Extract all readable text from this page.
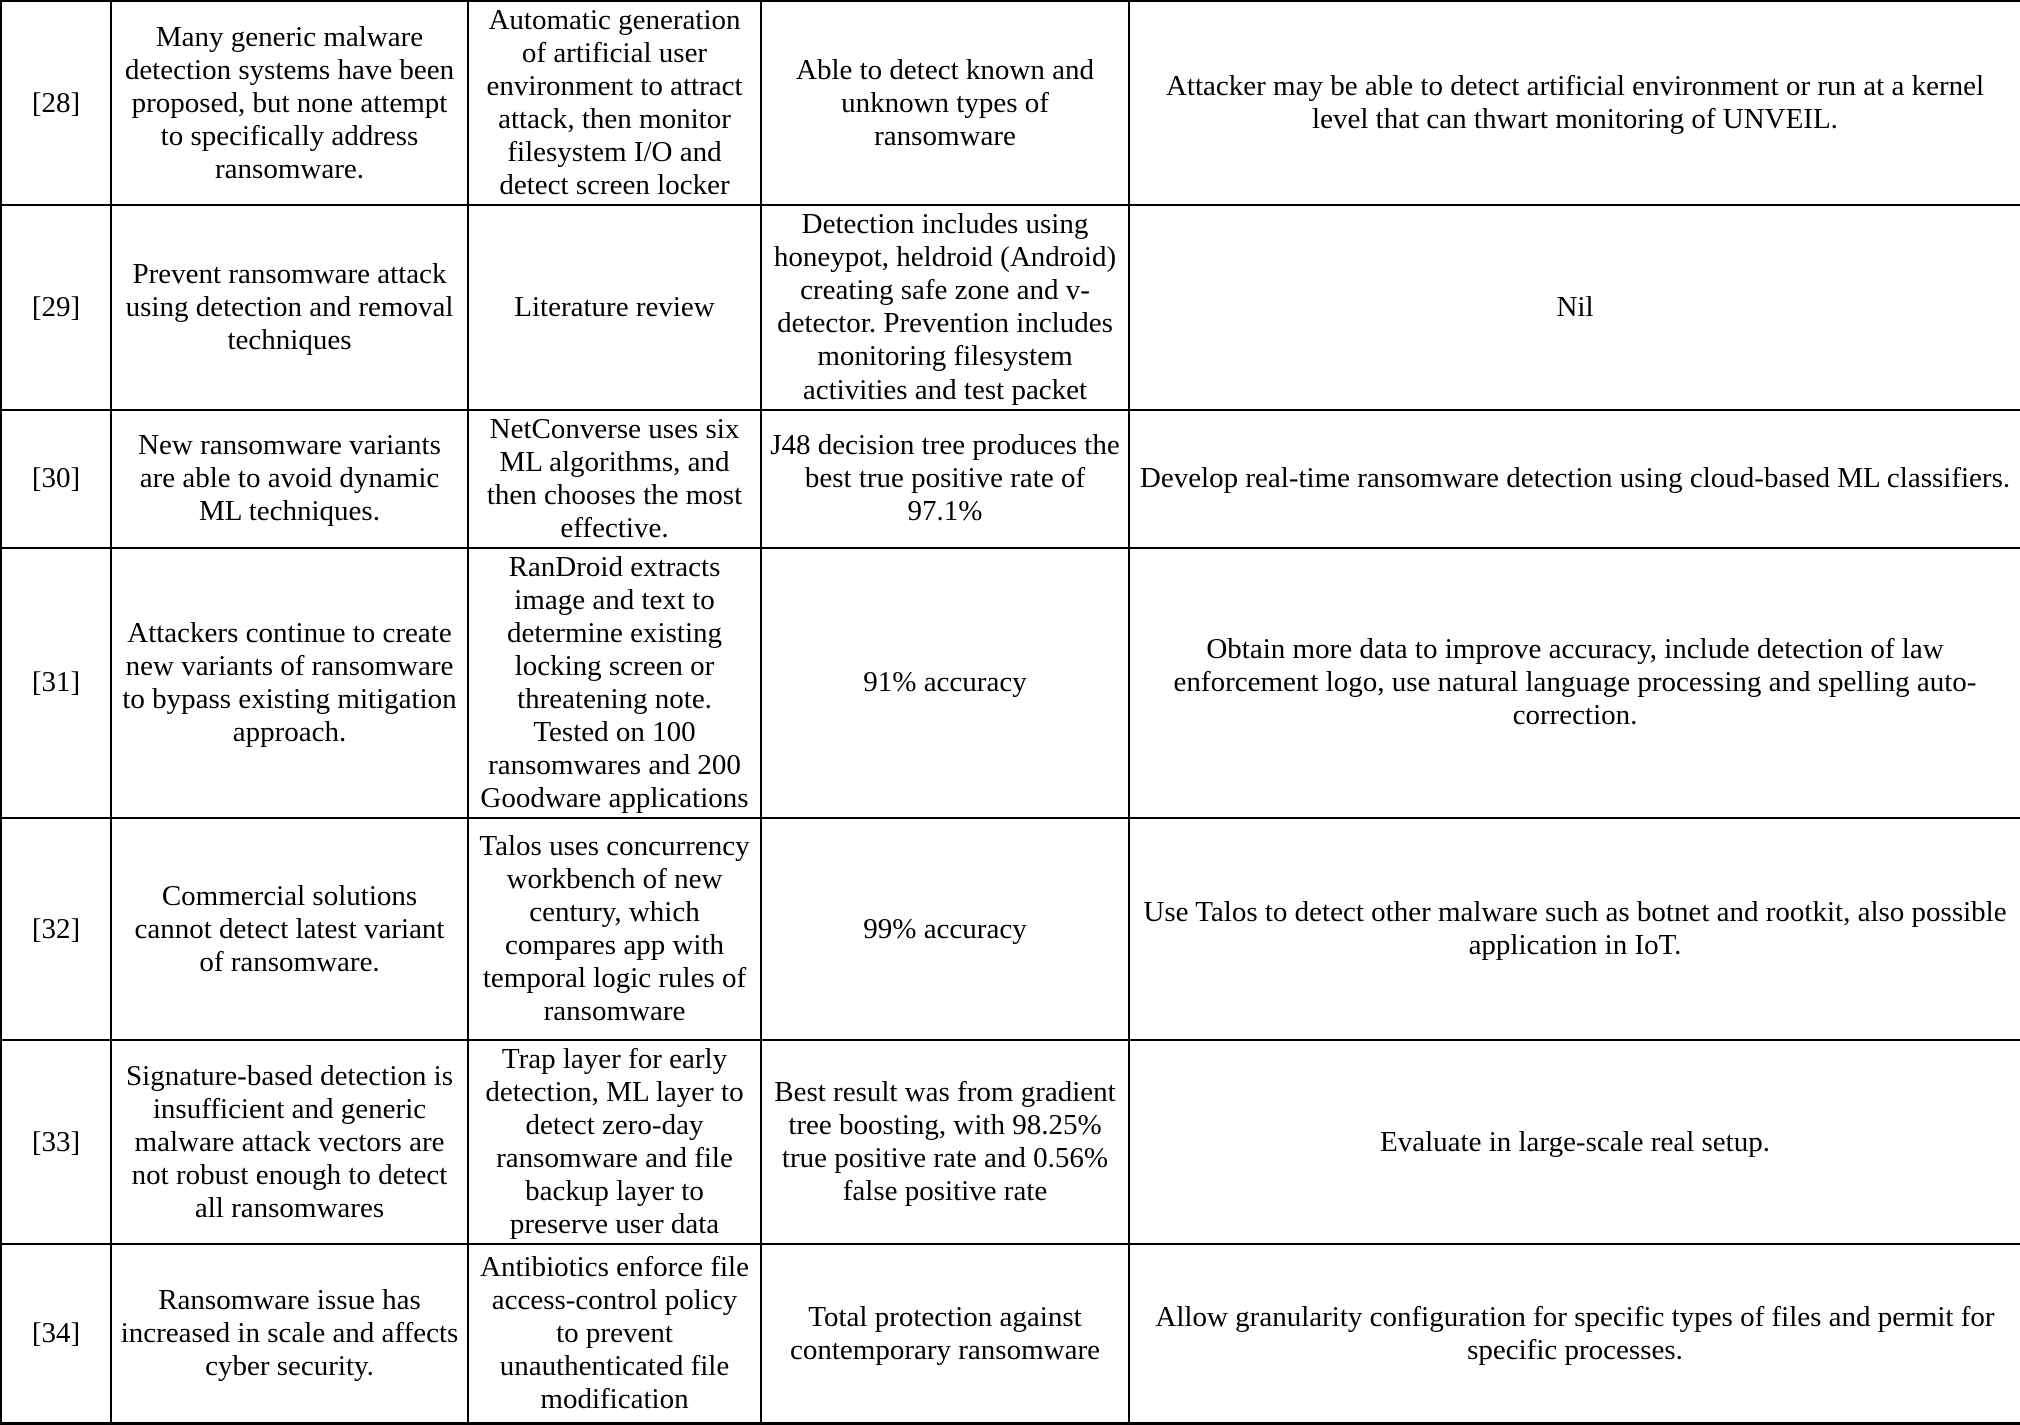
[28]	Many generic malware detection systems have been proposed, but none attempt to specifically address ransomware.	Automatic generation of artificial user environment to attract attack, then monitor filesystem I/O and detect screen locker	Able to detect known and unknown types of ransomware	Attacker may be able to detect artificial environment or run at a kernel level that can thwart monitoring of UNVEIL.

[29]	Prevent ransomware attack using detection and removal techniques	Literature review	Detection includes using honeypot, heldroid (Android) creating safe zone and v-detector. Prevention includes monitoring filesystem activities and test packet	Nil

[30]	New ransomware variants are able to avoid dynamic ML techniques.	NetConverse uses six ML algorithms, and then chooses the most effective.	J48 decision tree produces the best true positive rate of 97.1%	Develop real-time ransomware detection using cloud-based ML classifiers.

[31]	Attackers continue to create new variants of ransomware to bypass existing mitigation approach.	RanDroid extracts image and text to determine existing locking screen or threatening note. Tested on 100 ransomwares and 200 Goodware applications	91% accuracy	Obtain more data to improve accuracy, include detection of law enforcement logo, use natural language processing and spelling auto-correction.

[32]	Commercial solutions cannot detect latest variant of ransomware.	Talos uses concurrency workbench of new century, which compares app with temporal logic rules of ransomware	99% accuracy	Use Talos to detect other malware such as botnet and rootkit, also possible application in IoT.

[33]	Signature-based detection is insufficient and generic malware attack vectors are not robust enough to detect all ransomwares	Trap layer for early detection, ML layer to detect zero-day ransomware and file backup layer to preserve user data	Best result was from gradient tree boosting, with 98.25% true positive rate and 0.56% false positive rate	Evaluate in large-scale real setup.

[34]	Ransomware issue has increased in scale and affects cyber security.	Antibiotics enforce file access-control policy to prevent unauthenticated file modification	Total protection against contemporary ransomware	Allow granularity configuration for specific types of files and permit for specific processes.
